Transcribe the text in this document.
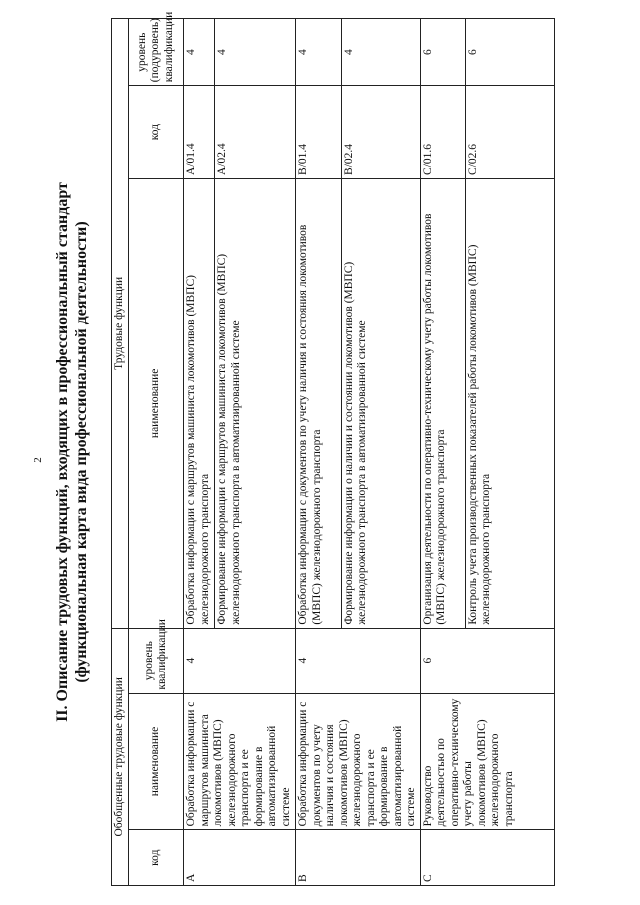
2 II. Описание трудовых функций, входящих в профессиональный стандарт (функциональная карта вида профессиональной деятельности)
Обобщенные трудовые функции			Трудовые функции		
код	наименование	уровень квалификации	наименование	код	уровень (подуровень) квалификации
A	Обработка информации с маршрутов машиниста локомотивов (МВПС) железнодорожного транспорта и ее формирование в автоматизированной системе	4	Обработка информации с маршрутов машиниста локомотивов (МВПС) железнодорожного транспорта	A/01.4	4
			Формирование информации с маршрутов машиниста локомотивов (МВПС) железнодорожного транспорта в автоматизированной системе	A/02.4	4
B	Обработка информации с документов по учету наличия и состояния локомотивов (МВПС) железнодорожного транспорта и ее формирование в автоматизированной системе	4	Обработка информации с документов по учету наличия и состояния локомотивов (МВПС) железнодорожного транспорта	B/01.4	4
			Формирование информации о наличии и состоянии локомотивов (МВПС) железнодорожного транспорта в автоматизированной системе	B/02.4	4
C	Руководство деятельностью по оперативно-техническому учету работы локомотивов (МВПС) железнодорожного транспорта	6	Организация деятельности по оперативно-техническому учету работы локомотивов (МВПС) железнодорожного транспорта	C/01.6	6
			Контроль учета производственных показателей работы локомотивов (МВПС) железнодорожного транспорта	C/02.6	6
